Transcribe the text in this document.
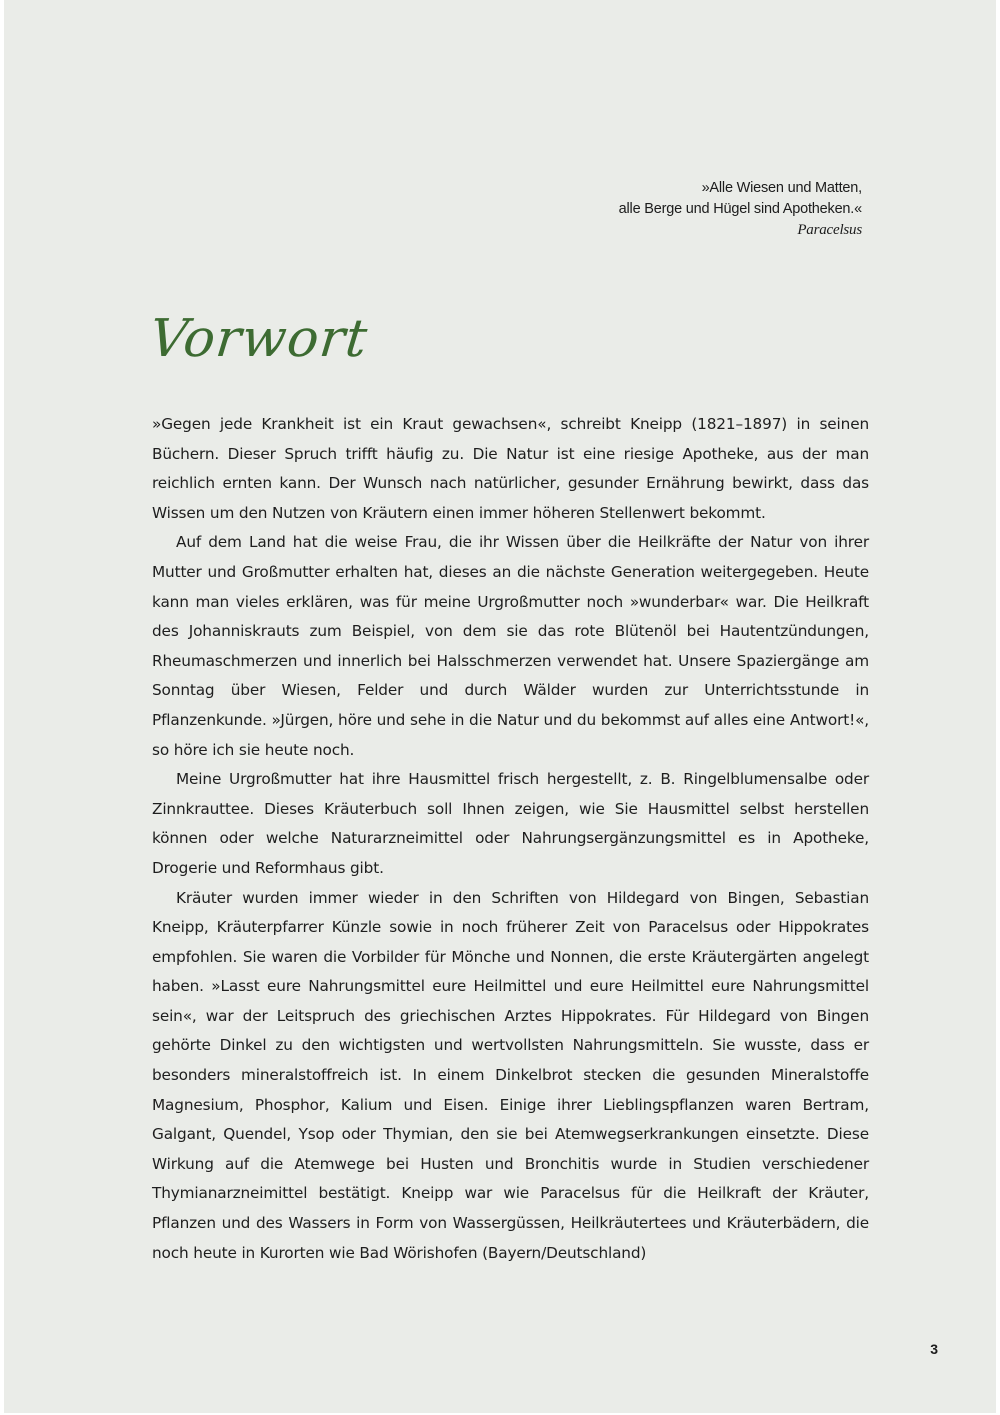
»Alle Wiesen und Matten,
alle Berge und Hügel sind Apotheken.«
Paracelsus
Vorwort

»Gegen jede Krankheit ist ein Kraut gewachsen«, schreibt Kneipp (1821–1897) in seinen Büchern. Dieser Spruch trifft häufig zu. Die Natur ist eine riesige Apotheke, aus der man reichlich ernten kann. Der Wunsch nach natürlicher, gesunder Ernährung bewirkt, dass das Wissen um den Nutzen von Kräutern einen immer höheren Stellenwert bekommt.

Auf dem Land hat die weise Frau, die ihr Wissen über die Heilkräfte der Natur von ihrer Mutter und Großmutter erhalten hat, dieses an die nächste Generation weitergegeben. Heute kann man vieles erklären, was für meine Urgroßmutter noch »wunderbar« war. Die Heilkraft des Johanniskrauts zum Beispiel, von dem sie das rote Blütenöl bei Hautentzündungen, Rheumaschmerzen und innerlich bei Halsschmerzen verwendet hat. Unsere Spaziergänge am Sonntag über Wiesen, Felder und durch Wälder wurden zur Unterrichtsstunde in Pflanzenkunde. »Jürgen, höre und sehe in die Natur und du bekommst auf alles eine Antwort!«, so höre ich sie heute noch.

Meine Urgroßmutter hat ihre Hausmittel frisch hergestellt, z. B. Ringelblumensalbe oder Zinnkrauttee. Dieses Kräuterbuch soll Ihnen zeigen, wie Sie Hausmittel selbst herstellen können oder welche Naturarzneimittel oder Nahrungsergänzungsmittel es in Apotheke, Drogerie und Reformhaus gibt.

Kräuter wurden immer wieder in den Schriften von Hildegard von Bingen, Sebastian Kneipp, Kräuterpfarrer Künzle sowie in noch früherer Zeit von Paracelsus oder Hippokrates empfohlen. Sie waren die Vorbilder für Mönche und Nonnen, die erste Kräutergärten angelegt haben. »Lasst eure Nahrungsmittel eure Heilmittel und eure Heilmittel eure Nahrungsmittel sein«, war der Leitspruch des griechischen Arztes Hippokrates. Für Hildegard von Bingen gehörte Dinkel zu den wichtigsten und wertvollsten Nahrungsmitteln. Sie wusste, dass er besonders mineralstoffreich ist. In einem Dinkelbrot stecken die gesunden Mineralstoffe Magnesium, Phosphor, Kalium und Eisen. Einige ihrer Lieblingspflanzen waren Bertram, Galgant, Quendel, Ysop oder Thymian, den sie bei Atemwegserkrankungen einsetzte. Diese Wirkung auf die Atemwege bei Husten und Bronchitis wurde in Studien verschiedener Thymianarzneimittel bestätigt. Kneipp war wie Paracelsus für die Heilkraft der Kräuter, Pflanzen und des Wassers in Form von Wassergüssen, Heilkräutertees und Kräuterbädern, die noch heute in Kurorten wie Bad Wörishofen (Bayern/Deutschland)

3
